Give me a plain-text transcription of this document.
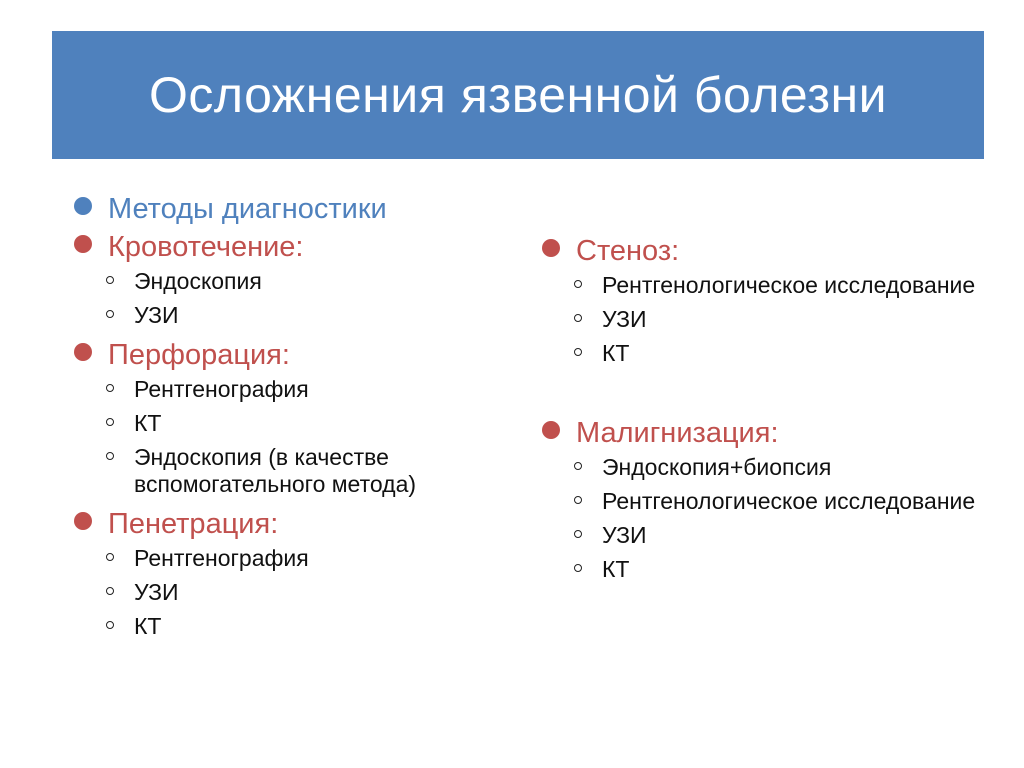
Осложнения язвенной болезни
Методы диагностики
Кровотечение:
Эндоскопия
УЗИ
Перфорация:
Рентгенография
КТ
Эндоскопия (в качестве вспомогательного метода)
Пенетрация:
Рентгенография
УЗИ
КТ
Стеноз:
Рентгенологическое исследование
УЗИ
КТ
Малигнизация:
Эндоскопия+биопсия
Рентгенологическое исследование
УЗИ
КТ
